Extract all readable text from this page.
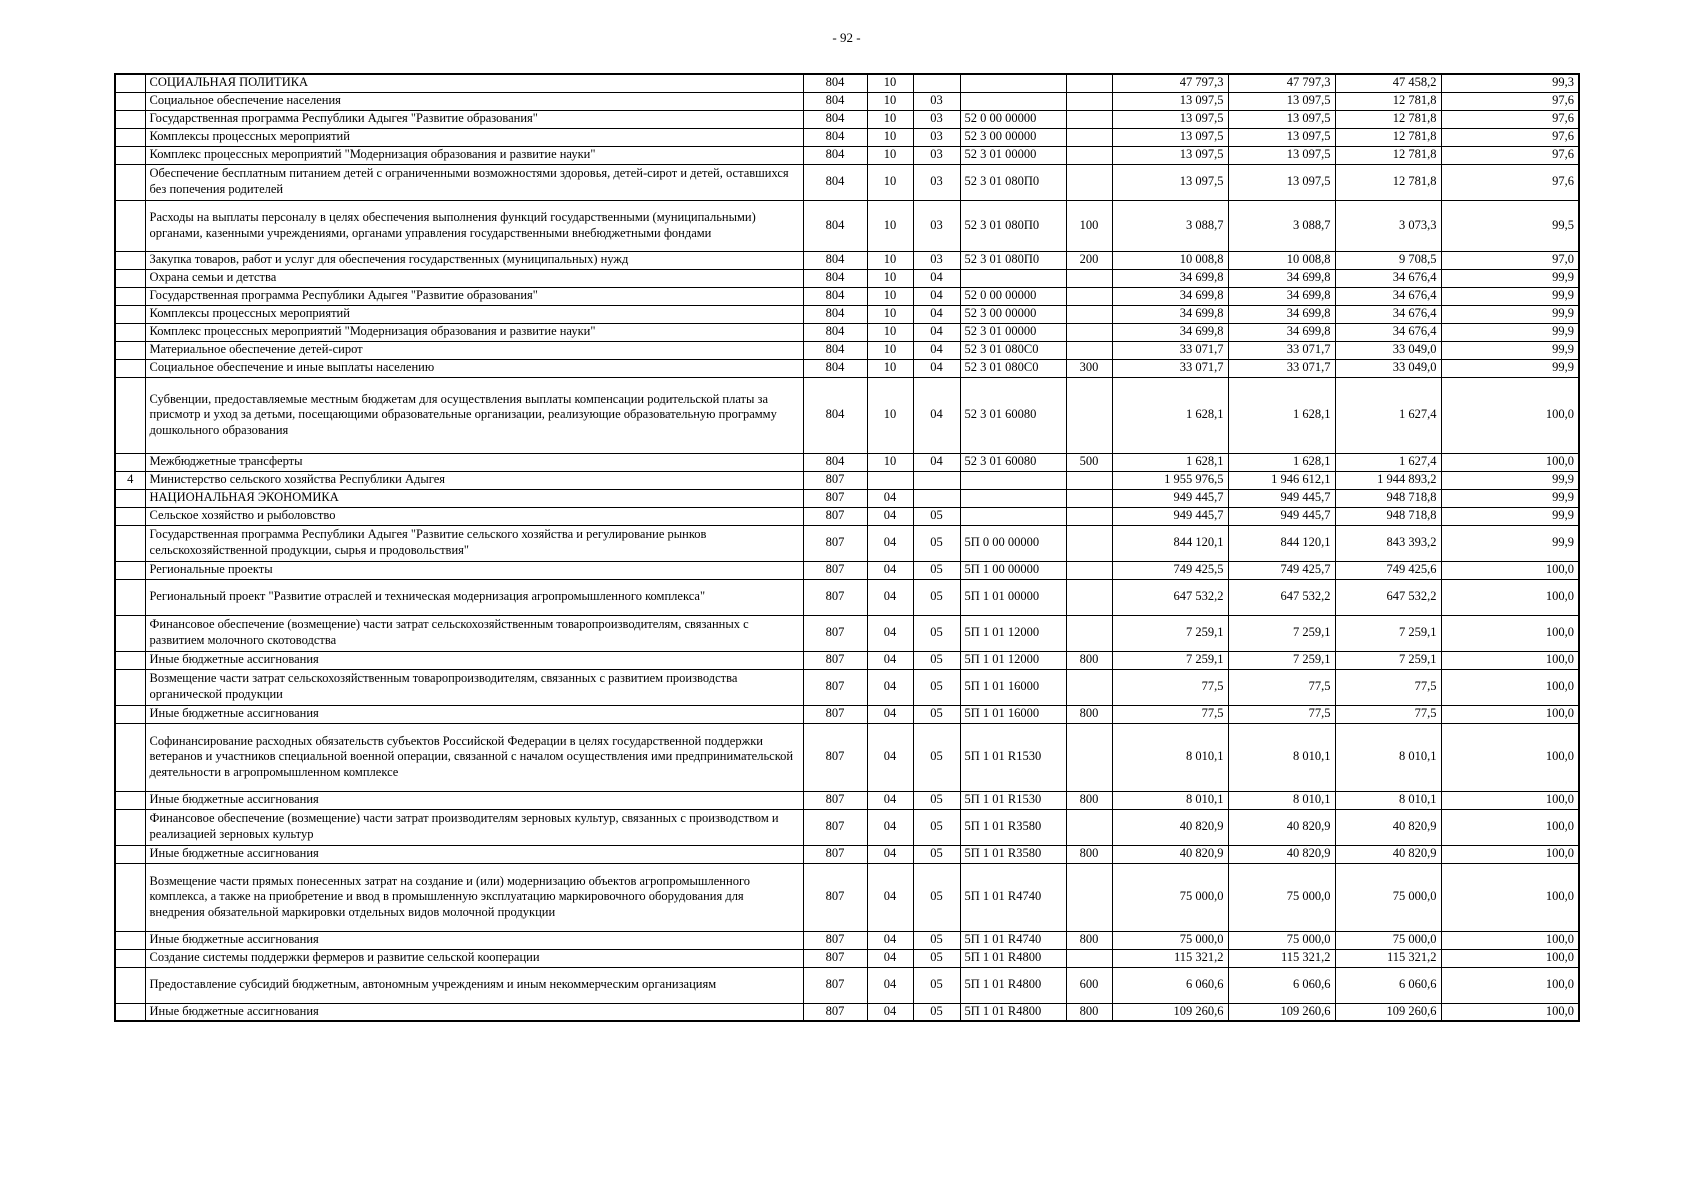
- 92 -
	СОЦИАЛЬНАЯ ПОЛИТИКА	804	10				47 797,3	47 797,3	47 458,2	99,3
	Социальное обеспечение населения	804	10	03			13 097,5	13 097,5	12 781,8	97,6
	Государственная программа Республики Адыгея "Развитие образования"	804	10	03	52 0 00 00000		13 097,5	13 097,5	12 781,8	97,6
	Комплексы процессных мероприятий	804	10	03	52 3 00 00000		13 097,5	13 097,5	12 781,8	97,6
	Комплекс процессных мероприятий "Модернизация образования и развитие науки"	804	10	03	52 3 01 00000		13 097,5	13 097,5	12 781,8	97,6
	Обеспечение бесплатным питанием детей с ограниченными возможностями здоровья, детей-сирот и детей, оставшихся без попечения родителей	804	10	03	52 3 01 080П0		13 097,5	13 097,5	12 781,8	97,6
	Расходы на выплаты персоналу в целях обеспечения выполнения функций государственными (муниципальными) органами, казенными учреждениями, органами управления государственными внебюджетными фондами	804	10	03	52 3 01 080П0	100	3 088,7	3 088,7	3 073,3	99,5
	Закупка товаров, работ и услуг для обеспечения государственных (муниципальных) нужд	804	10	03	52 3 01 080П0	200	10 008,8	10 008,8	9 708,5	97,0
	Охрана семьи и детства	804	10	04			34 699,8	34 699,8	34 676,4	99,9
	Государственная программа Республики Адыгея "Развитие образования"	804	10	04	52 0 00 00000		34 699,8	34 699,8	34 676,4	99,9
	Комплексы процессных мероприятий	804	10	04	52 3 00 00000		34 699,8	34 699,8	34 676,4	99,9
	Комплекс процессных мероприятий "Модернизация образования и развитие науки"	804	10	04	52 3 01 00000		34 699,8	34 699,8	34 676,4	99,9
	Материальное обеспечение детей-сирот	804	10	04	52 3 01 080С0		33 071,7	33 071,7	33 049,0	99,9
	Социальное обеспечение и иные выплаты населению	804	10	04	52 3 01 080С0	300	33 071,7	33 071,7	33 049,0	99,9
	Субвенции, предоставляемые местным бюджетам для осуществления выплаты компенсации родительской платы за присмотр и уход за детьми, посещающими образовательные организации, реализующие образовательную программу дошкольного образования	804	10	04	52 3 01 60080		1 628,1	1 628,1	1 627,4	100,0
	Межбюджетные трансферты	804	10	04	52 3 01 60080	500	1 628,1	1 628,1	1 627,4	100,0
4	Министерство сельского хозяйства Республики Адыгея	807					1 955 976,5	1 946 612,1	1 944 893,2	99,9
	НАЦИОНАЛЬНАЯ ЭКОНОМИКА	807	04				949 445,7	949 445,7	948 718,8	99,9
	Сельское хозяйство и рыболовство	807	04	05			949 445,7	949 445,7	948 718,8	99,9
	Государственная программа Республики Адыгея "Развитие сельского хозяйства и регулирование рынков сельскохозяйственной продукции, сырья и продовольствия"	807	04	05	5П 0 00 00000		844 120,1	844 120,1	843 393,2	99,9
	Региональные проекты	807	04	05	5П 1 00 00000		749 425,5	749 425,7	749 425,6	100,0
	Региональный проект "Развитие отраслей и техническая модернизация агропромышленного комплекса"	807	04	05	5П 1 01 00000		647 532,2	647 532,2	647 532,2	100,0
	Финансовое обеспечение (возмещение) части затрат сельскохозяйственным товаропроизводителям, связанных с развитием молочного скотоводства	807	04	05	5П 1 01 12000		7 259,1	7 259,1	7 259,1	100,0
	Иные бюджетные ассигнования	807	04	05	5П 1 01 12000	800	7 259,1	7 259,1	7 259,1	100,0
	Возмещение части затрат сельскохозяйственным товаропроизводителям, связанных с развитием производства органической продукции	807	04	05	5П 1 01 16000		77,5	77,5	77,5	100,0
	Иные бюджетные ассигнования	807	04	05	5П 1 01 16000	800	77,5	77,5	77,5	100,0
	Софинансирование расходных обязательств субъектов Российской Федерации в целях государственной поддержки ветеранов и участников специальной военной операции, связанной с началом осуществления ими предпринимательской деятельности в агропромышленном комплексе	807	04	05	5П 1 01 R1530		8 010,1	8 010,1	8 010,1	100,0
	Иные бюджетные ассигнования	807	04	05	5П 1 01 R1530	800	8 010,1	8 010,1	8 010,1	100,0
	Финансовое обеспечение (возмещение) части затрат производителям зерновых культур, связанных с производством и реализацией зерновых культур	807	04	05	5П 1 01 R3580		40 820,9	40 820,9	40 820,9	100,0
	Иные бюджетные ассигнования	807	04	05	5П 1 01 R3580	800	40 820,9	40 820,9	40 820,9	100,0
	Возмещение части прямых понесенных затрат на создание и (или) модернизацию объектов агропромышленного комплекса, а также на приобретение и ввод в промышленную эксплуатацию маркировочного оборудования для внедрения обязательной маркировки отдельных видов молочной продукции	807	04	05	5П 1 01 R4740		75 000,0	75 000,0	75 000,0	100,0
	Иные бюджетные ассигнования	807	04	05	5П 1 01 R4740	800	75 000,0	75 000,0	75 000,0	100,0
	Создание системы поддержки фермеров и развитие сельской кооперации	807	04	05	5П 1 01 R4800		115 321,2	115 321,2	115 321,2	100,0
	Предоставление субсидий бюджетным, автономным учреждениям и иным некоммерческим организациям	807	04	05	5П 1 01 R4800	600	6 060,6	6 060,6	6 060,6	100,0
	Иные бюджетные ассигнования	807	04	05	5П 1 01 R4800	800	109 260,6	109 260,6	109 260,6	100,0
